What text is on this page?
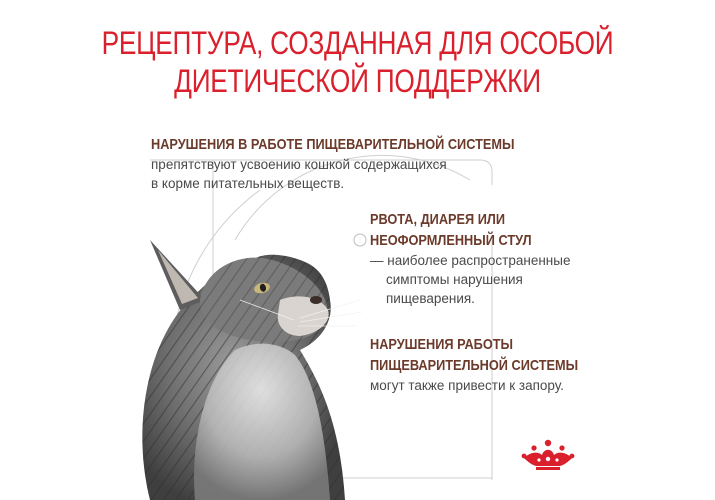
РЕЦЕПТУРА, СОЗДАННАЯ ДЛЯ ОСОБОЙ
ДИЕТИЧЕСКОЙ ПОДДЕРЖКИ
НАРУШЕНИЯ В РАБОТЕ ПИЩЕВАРИТЕЛЬНОЙ СИСТЕМЫ
препятствуют усвоению кошкой содержащихся
в корме питательных веществ.
РВОТА, ДИАРЕЯ ИЛИ
НЕОФОРМЛЕННЫЙ СТУЛ
— наиболее распространенные
симптомы нарушения
пищеварения.
НАРУШЕНИЯ РАБОТЫ
ПИЩЕВАРИТЕЛЬНОЙ СИСТЕМЫ
могут также привести к запору.
